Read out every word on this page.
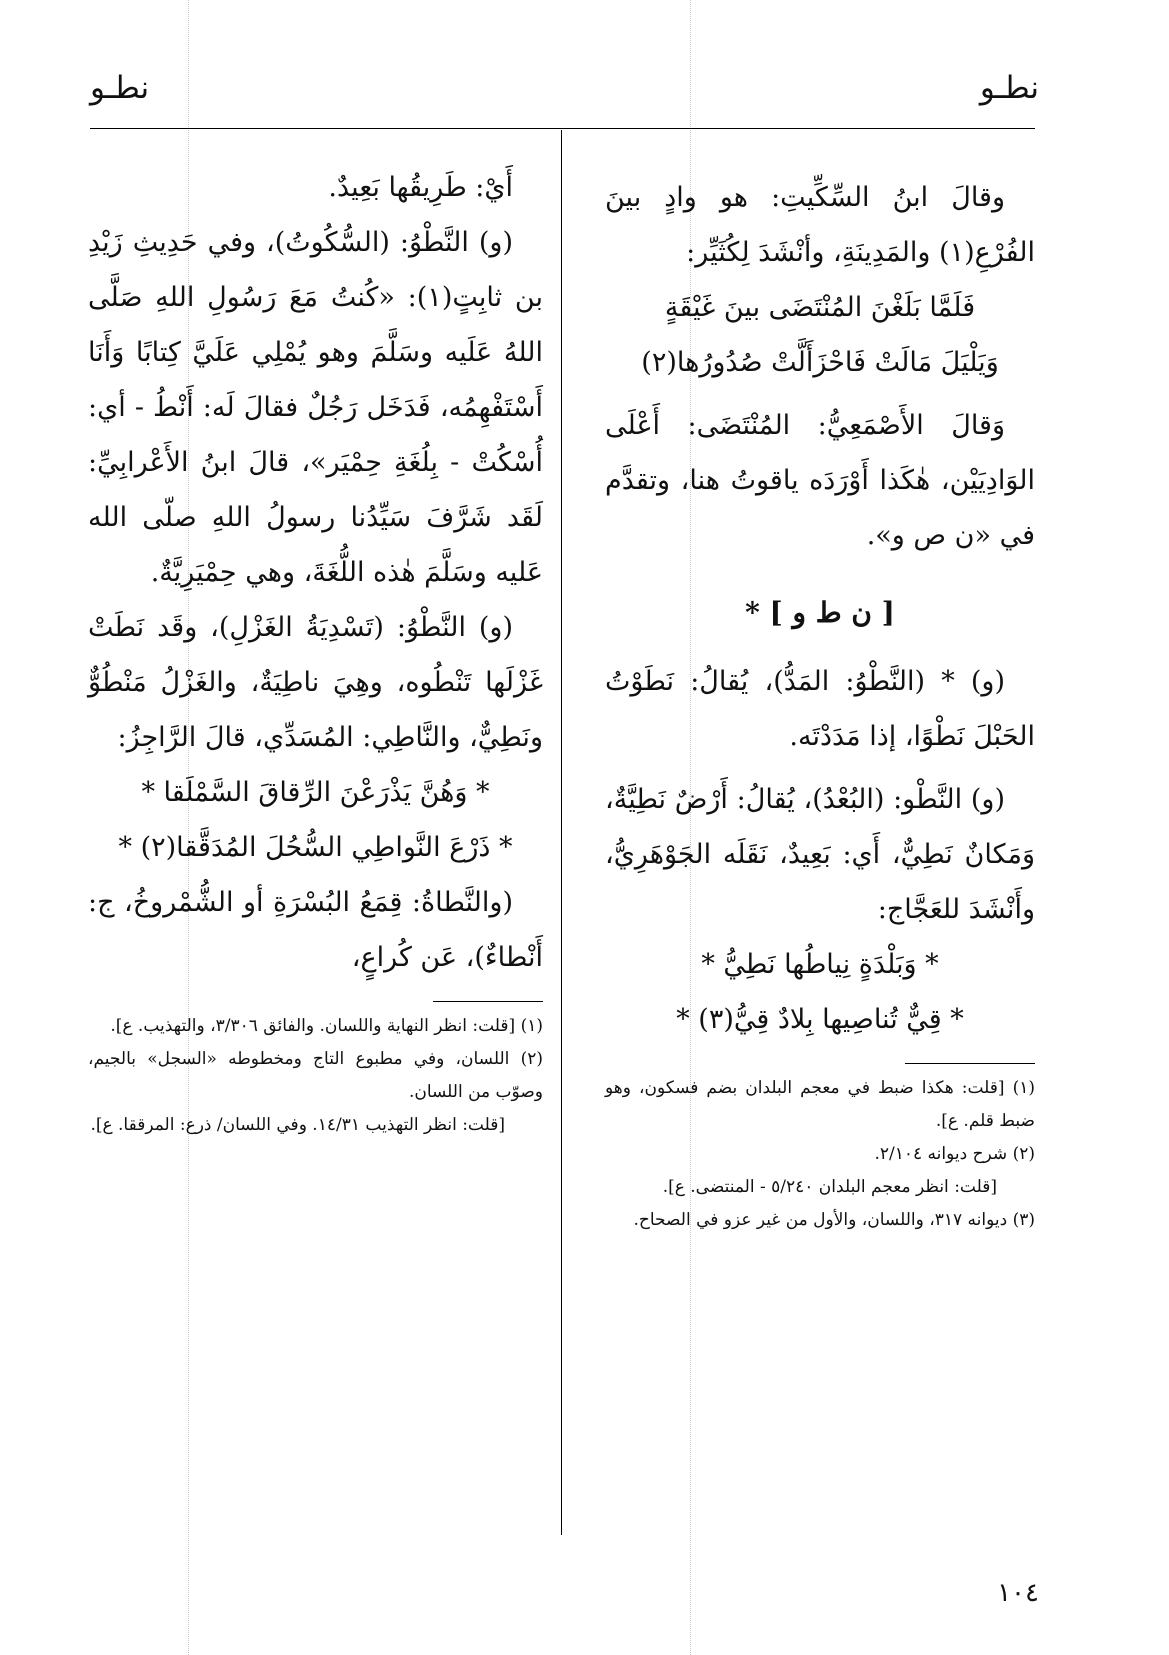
نطـو
نطـو

وقالَ ابنُ السِّكِّيتِ: هو وادٍ بينَ الفُرْعِ(١) والمَدِينَةِ، وأنْشَدَ لِكُثَيِّر:

فَلَمَّا بَلَغْنَ المُنْتَضَى بينَ غَيْقَةٍ

وَيَلْيَلَ مَالَتْ فَاحْزَأَلَّتْ صُدُورُها(٢)

وَقالَ الأَصْمَعِيُّ: المُنْتَضَى: أَعْلَى الوَادِيَيْن، هٰكَذا أَوْرَدَه ياقوتُ هنا، وتقدَّم في «ن ص و».

[ ن ط و ] *

(و) * (النَّطْوُ: المَدُّ)، يُقالُ: نَطَوْتُ الحَبْلَ نَطْوًا، إذا مَدَدْتَه.

(و) النَّطْو: (البُعْدُ)، يُقالُ: أَرْضٌ نَطِيَّةٌ، وَمَكانٌ نَطِيٌّ، أَي: بَعِيدٌ، نَقَلَه الجَوْهَرِيُّ، وأَنْشَدَ للعَجَّاج:

* وَبَلْدَةٍ نِياطُها نَطِيُّ *

* قِيٌّ تُناصِيها بِلادٌ قِيُّ(٣) *

(١) [قلت: هكذا ضبط في معجم البلدان بضم فسكون، وهو ضبط قلم. ع].

(٢) شرح ديوانه ٢/١٠٤.

[قلت: انظر معجم البلدان ٥/٢٤٠ - المنتضى. ع].

(٣) ديوانه ٣١٧، واللسان، والأول من غير عزو في الصحاح.

أَيْ: طَرِيقُها بَعِيدٌ.

(و) النَّطْوُ: (السُّكُوتُ)، وفي حَدِيثِ زَيْدِ بن ثابِتٍ(١): «كُنتُ مَعَ رَسُولِ اللهِ صَلَّى اللهُ عَلَيه وسَلَّمَ وهو يُمْلِي عَلَيَّ كِتابًا وَأَنَا أَسْتَفْهِمُه، فَدَخَل رَجُلٌ فقالَ لَه: أَنْطُ - أي: أُسْكُتْ - بِلُغَةِ حِمْيَر»، قالَ ابنُ الأَعْرابِيِّ: لَقَد شَرَّفَ سَيِّدُنا رسولُ اللهِ صلّى الله عَليه وسَلَّمَ هٰذه اللُّغَةَ، وهي حِمْيَرِيَّةٌ.

(و) النَّطْوُ: (تَسْدِيَةُ الغَزْلِ)، وقَد نَطَتْ غَزْلَها تَنْطُوه، وهِيَ ناطِيَةٌ، والغَزْلُ مَنْطُوٌّ ونَطِيٌّ، والنَّاطِي: المُسَدِّي، قالَ الرَّاجِزُ:

* وَهُنَّ يَذْرَعْنَ الرِّقاقَ السَّمْلَقا *

* ذَرْعَ النَّواطِي السُّحُلَ المُدَقَّقا(٢) *

(والنَّطاةُ: قِمَعُ البُسْرَةِ أو الشُّمْروخُ، ج: أَنْطاءٌ)، عَن كُراعٍ،

(١) [قلت: انظر النهاية واللسان. والفائق ٣/٣٠٦، والتهذيب. ع].

(٢) اللسان، وفي مطبوع التاج ومخطوطه «السجل» بالجيم، وصوّب من اللسان.

[قلت: انظر التهذيب ١٤/٣١. وفي اللسان/ ذرع: المرققا. ع].

١٠٤
